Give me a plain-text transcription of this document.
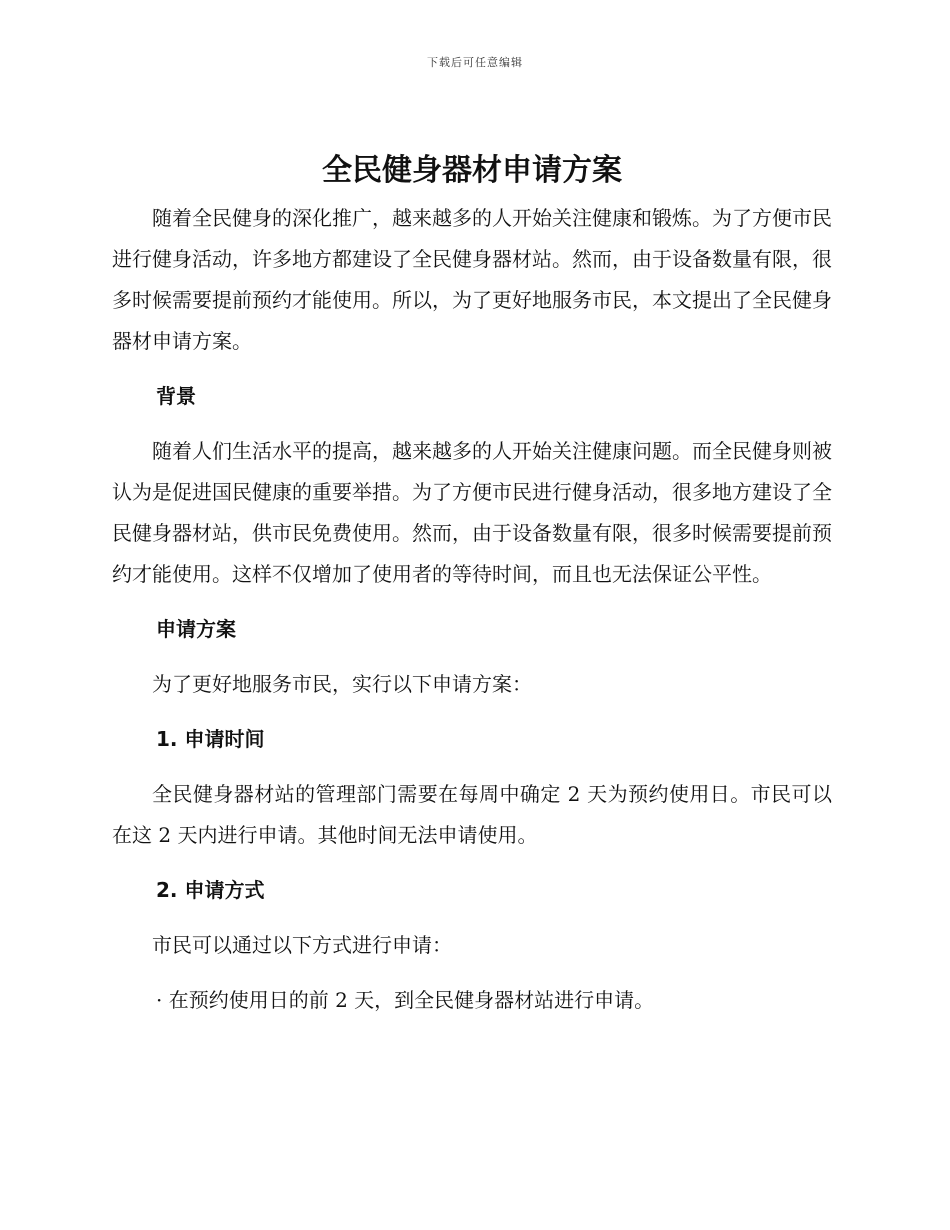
下载后可任意编辑
全民健身器材申请方案

随着全民健身的深化推广，越来越多的人开始关注健康和锻炼。为了方便市民进行健身活动，许多地方都建设了全民健身器材站。然而，由于设备数量有限，很多时候需要提前预约才能使用。所以，为了更好地服务市民，本文提出了全民健身器材申请方案。

背景

随着人们生活水平的提高，越来越多的人开始关注健康问题。而全民健身则被认为是促进国民健康的重要举措。为了方便市民进行健身活动，很多地方建设了全民健身器材站，供市民免费使用。然而，由于设备数量有限，很多时候需要提前预约才能使用。这样不仅增加了使用者的等待时间，而且也无法保证公平性。

申请方案

为了更好地服务市民，实行以下申请方案：

1. 申请时间

全民健身器材站的管理部门需要在每周中确定 2 天为预约使用日。市民可以在这 2 天内进行申请。其他时间无法申请使用。

2. 申请方式

市民可以通过以下方式进行申请：

· 在预约使用日的前 2 天，到全民健身器材站进行申请。
